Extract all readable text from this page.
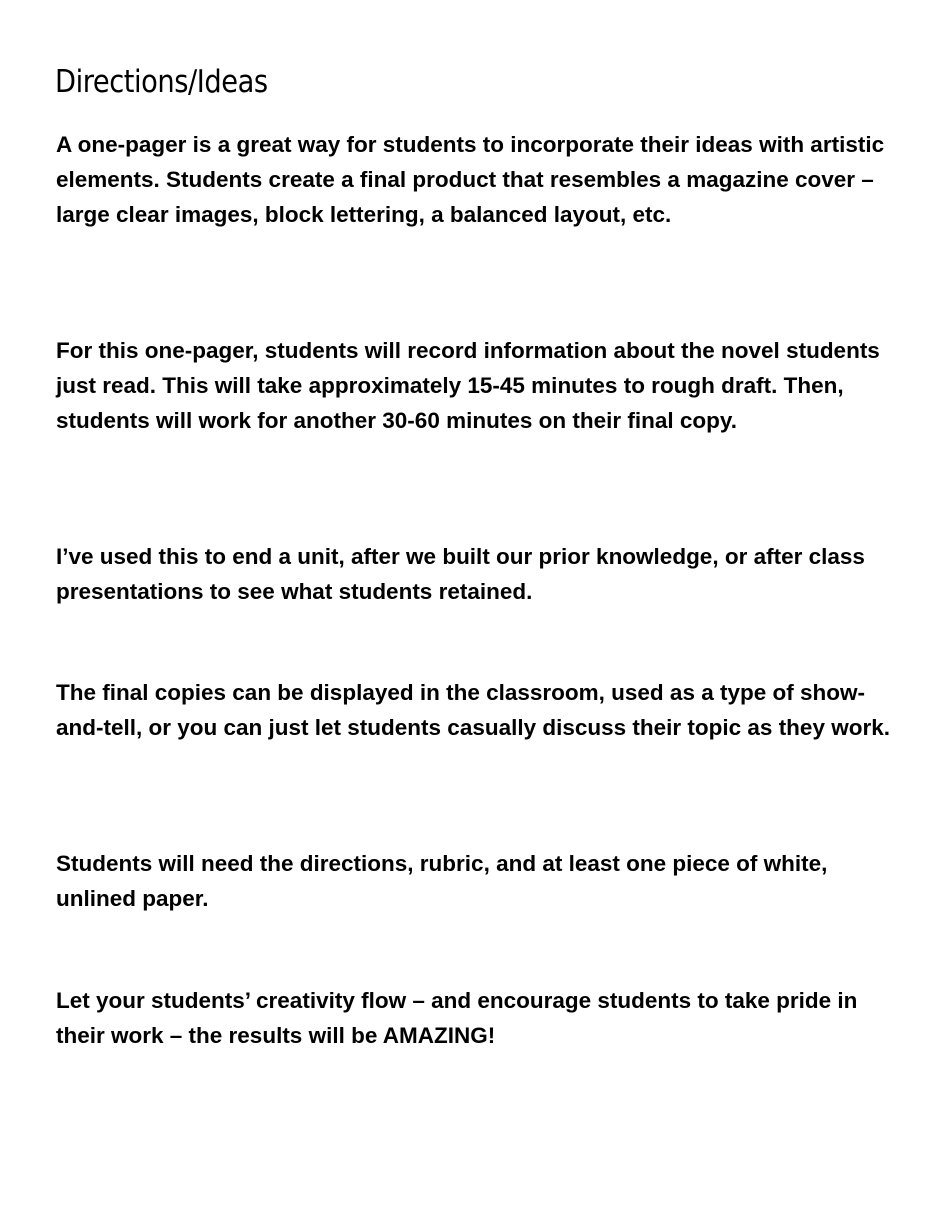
Directions/Ideas

A one-pager is a great way for students to incorporate their ideas with artistic elements. Students create a final product that resembles a magazine cover – large clear images, block lettering, a balanced layout, etc.

For this one-pager, students will record information about the novel students just read. This will take approximately 15-45 minutes to rough draft. Then, students will work for another 30-60 minutes on their final copy.

I’ve used this to end a unit, after we built our prior knowledge, or after class presentations to see what students retained.

The final copies can be displayed in the classroom, used as a type of show-and-tell, or you can just let students casually discuss their topic as they work.

Students will need the directions, rubric, and at least one piece of white, unlined paper.

Let your students’ creativity flow – and encourage students to take pride in their work – the results will be AMAZING!
